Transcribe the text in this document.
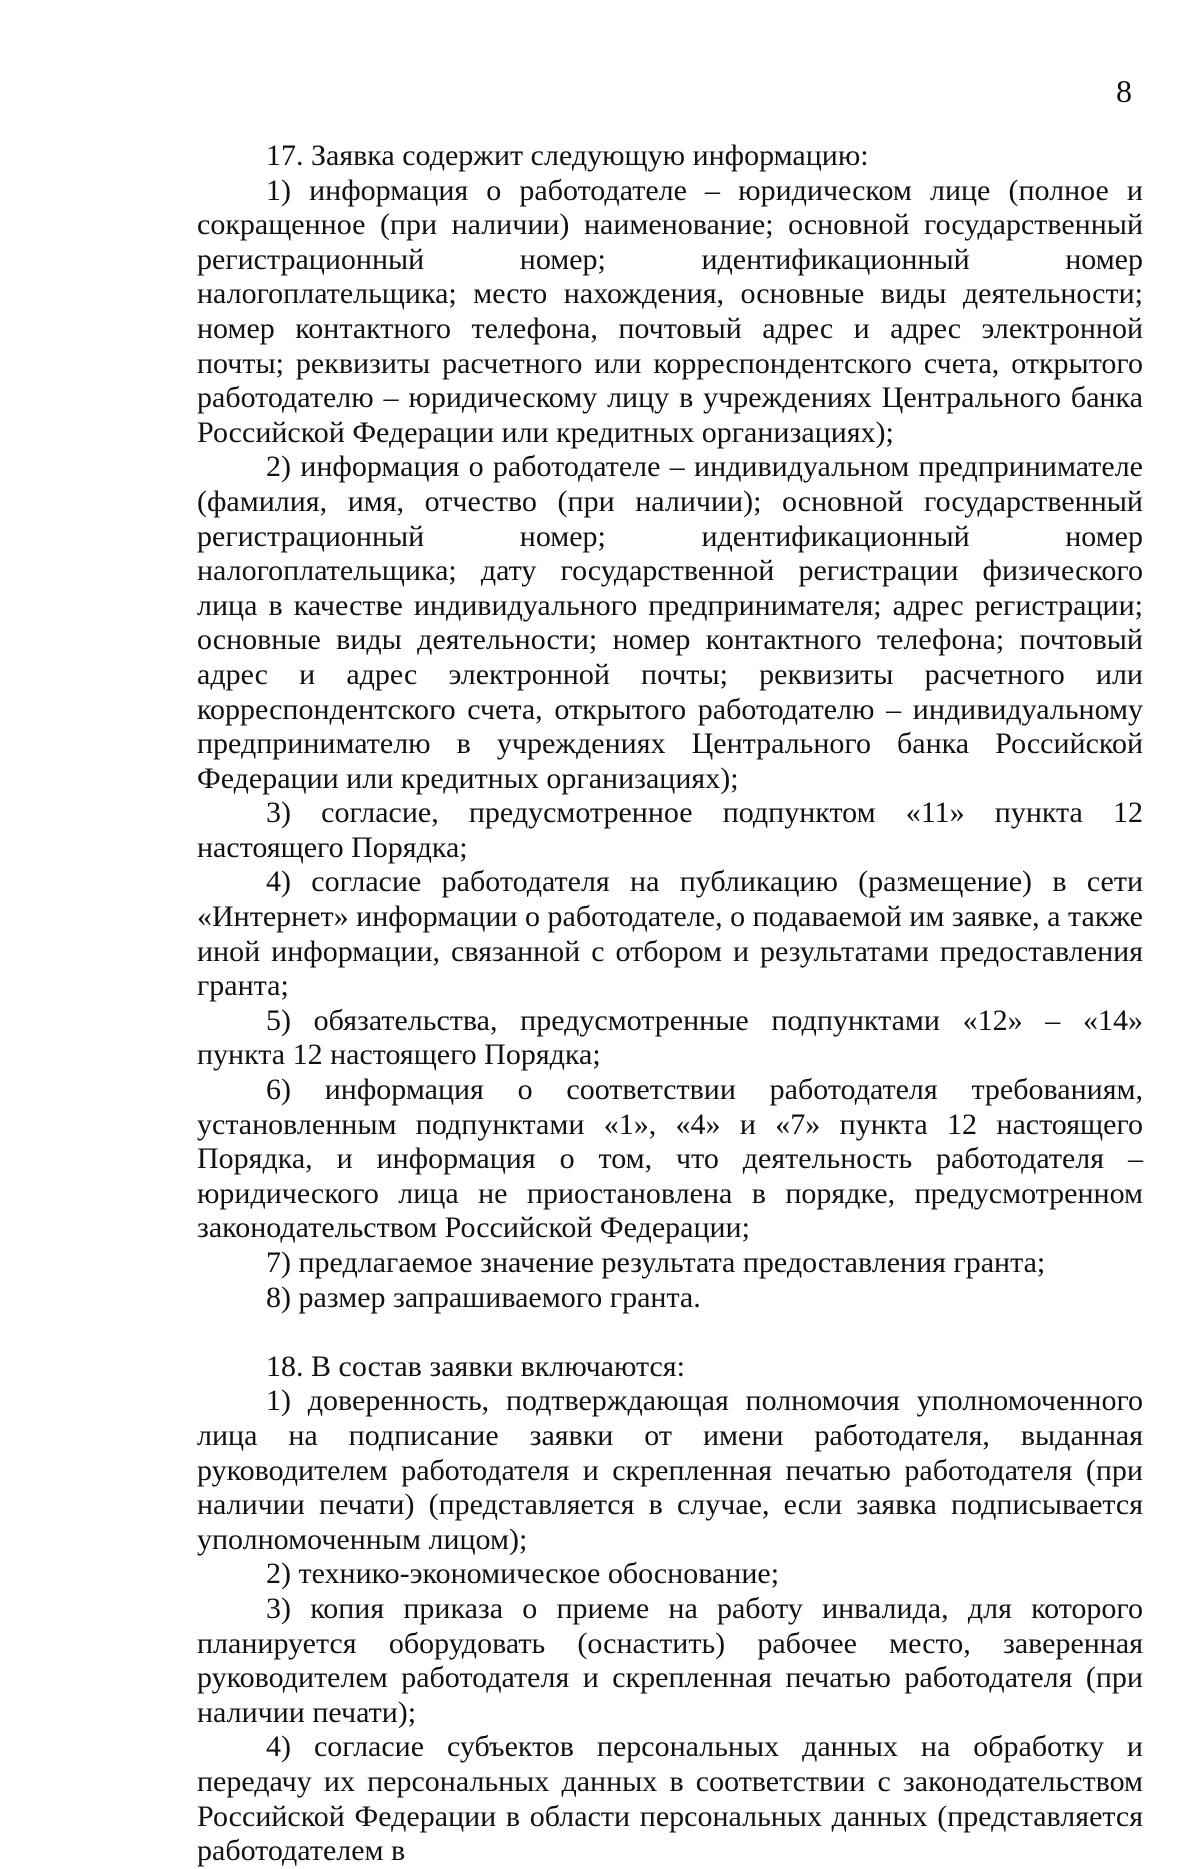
8

17. Заявка содержит следующую информацию:

1) информация о работодателе – юридическом лице (полное и сокращенное (при наличии) наименование; основной государственный регистрационный номер; идентификационный номер налогоплательщика; место нахождения, основные виды деятельности; номер контактного телефона, почтовый адрес и адрес электронной почты; реквизиты расчетного или корреспондентского счета, открытого работодателю – юридическому лицу в учреждениях Центрального банка Российской Федерации или кредитных организациях);

2) информация о работодателе – индивидуальном предпринимателе (фамилия, имя, отчество (при наличии); основной государственный регистрационный номер; идентификационный номер налогоплательщика; дату государственной регистрации физического лица в качестве индивидуального предпринимателя; адрес регистрации; основные виды деятельности; номер контактного телефона; почтовый адрес и адрес электронной почты; реквизиты расчетного или корреспондентского счета, открытого работодателю – индивидуальному предпринимателю в учреждениях Центрального банка Российской Федерации или кредитных организациях);

3) согласие, предусмотренное подпунктом «11» пункта 12 настоящего Порядка;

4) согласие работодателя на публикацию (размещение) в сети «Интернет» информации о работодателе, о подаваемой им заявке, а также иной информации, связанной с отбором и результатами предоставления гранта;

5) обязательства, предусмотренные подпунктами «12» – «14» пункта 12 настоящего Порядка;

6) информация о соответствии работодателя требованиям, установленным подпунктами «1», «4» и «7» пункта 12 настоящего Порядка, и информация о том, что деятельность работодателя – юридического лица не приостановлена в порядке, предусмотренном законодательством Российской Федерации;

7) предлагаемое значение результата предоставления гранта;

8) размер запрашиваемого гранта.

18. В состав заявки включаются:

1) доверенность, подтверждающая полномочия уполномоченного лица на подписание заявки от имени работодателя, выданная руководителем работодателя и скрепленная печатью работодателя (при наличии печати) (представляется в случае, если заявка подписывается уполномоченным лицом);

2) технико-экономическое обоснование;

3) копия приказа о приеме на работу инвалида, для которого планируется оборудовать (оснастить) рабочее место, заверенная руководителем работодателя и скрепленная печатью работодателя (при наличии печати);

4) согласие субъектов персональных данных на обработку и передачу их персональных данных в соответствии с законодательством Российской Федерации в области персональных данных (представляется работодателем в
